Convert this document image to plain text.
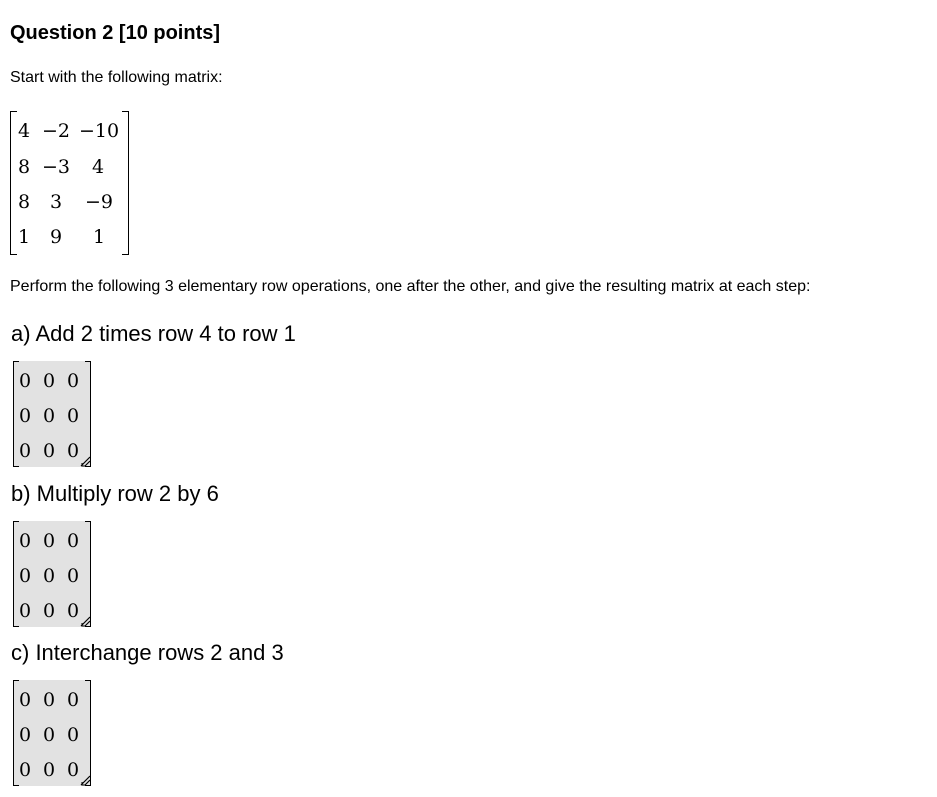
Question 2 [10 points]
Start with the following matrix:
4 −2 −10
8 −3 4
8 3 −9
1 9 1
Perform the following 3 elementary row operations, one after the other, and give the resulting matrix at each step:
a) Add 2 times row 4 to row 1
0 0 0
0 0 0
0 0 0
b) Multiply row 2 by 6
0 0 0
0 0 0
0 0 0
c) Interchange rows 2 and 3
0 0 0
0 0 0
0 0 0
